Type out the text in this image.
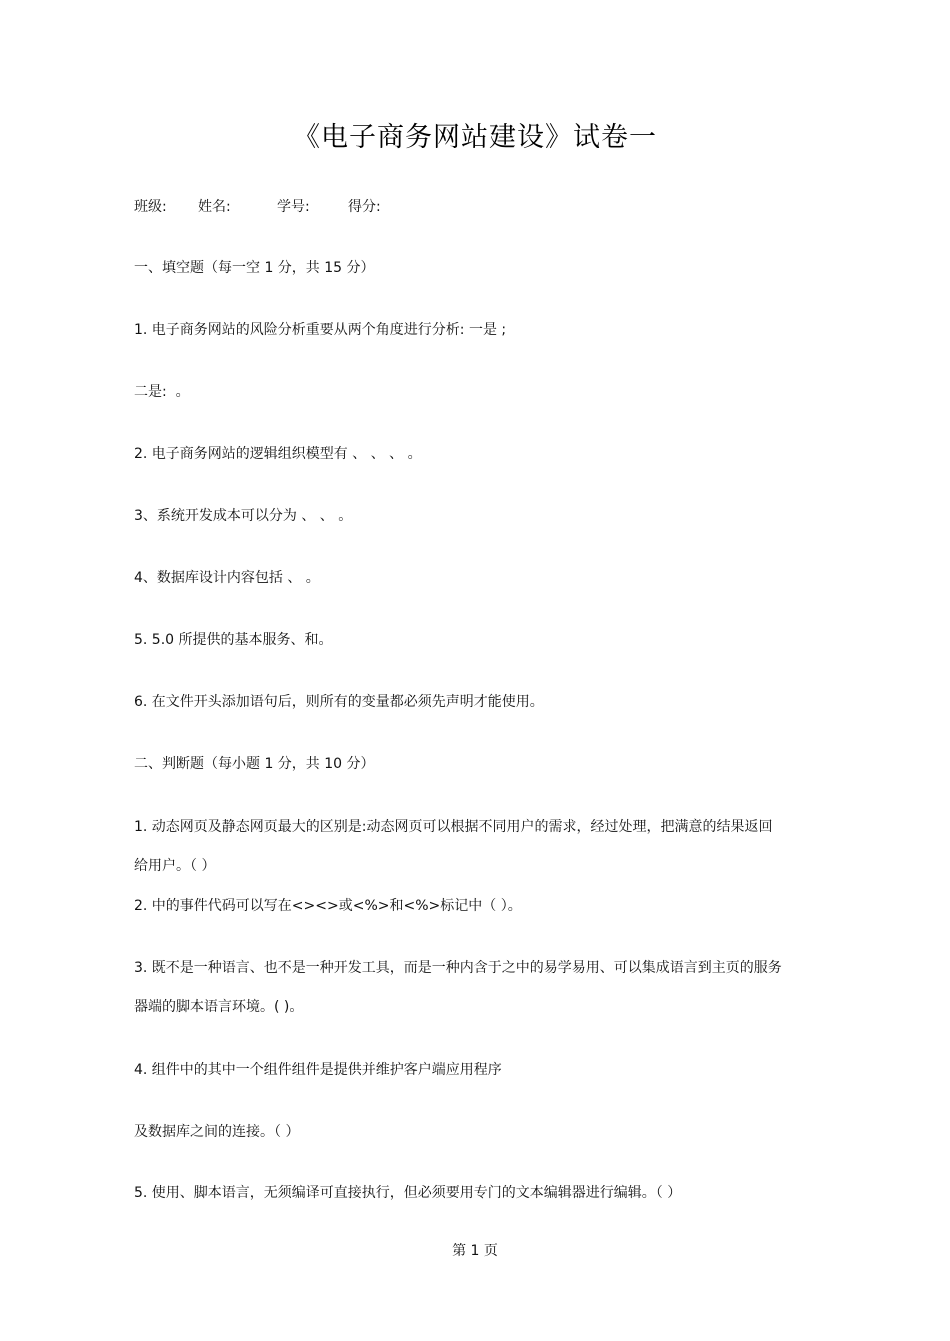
《电子商务网站建设》试卷一
班级: 姓名:	学号:	得分:
一、填空题（每一空 1 分，共 15 分）
1. 电子商务网站的风险分析重要从两个角度进行分析: 一是 ;
二是:  。
2. 电子商务网站的逻辑组织模型有 、 、 、 。
3、系统开发成本可以分为 、 、 。
4、数据库设计内容包括 、 。
5. 5.0 所提供的基本服务、和。
6. 在文件开头添加语句后，则所有的变量都必须先声明才能使用。
二、判断题（每小题 1 分，共 10 分）
1. 动态网页及静态网页最大的区别是:动态网页可以根据不同用户的需求，经过处理，把满意的结果返回
给用户。（ ）
2. 中的事件代码可以写在<><>或<%>和<%>标记中（ ）。
3. 既不是一种语言、也不是一种开发工具，而是一种内含于之中的易学易用、可以集成语言到主页的服务
器端的脚本语言环境。( )。
4. 组件中的其中一个组件组件是提供并维护客户端应用程序
及数据库之间的连接。（ ）
5. 使用、脚本语言，无须编译可直接执行，但必须要用专门的文本编辑器进行编辑。（ ）
第 1 页
